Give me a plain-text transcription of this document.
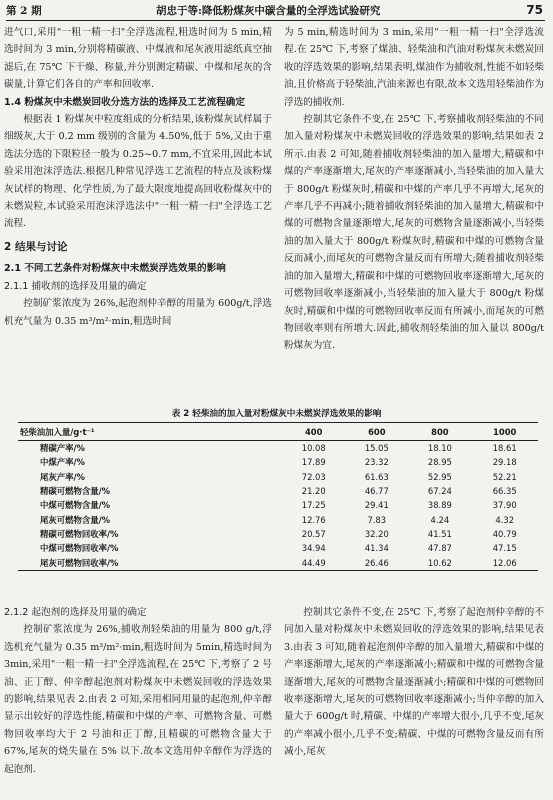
第 2 期	胡忠于等:降低粉煤灰中碳含量的全浮选试验研究	75

进气口,采用"一粗一精一扫"全浮选流程,粗选时间为 5 min,精选时间为 3 min,分别将精碳液、中煤液和尾灰液用滤纸真空抽滤后,在 75℃ 下干燥、称量,并分别测定精碳、中煤和尾灰的含碳量,计算它们各自的产率和回收率.

1.4 粉煤灰中未燃炭回收分选方法的选择及工艺流程确定

根据表 1 粉煤灰中粒度组成的分析结果,该粉煤灰试样属于细级灰,大于 0.2 mm 级别的含量为 4.50%,低于 5%,又由于重选法分选的下限粒径一般为 0.25~0.7 mm,不宜采用,因此本试验采用泡沫浮选法.根据几种常见浮选工艺流程的特点及该粉煤灰试样的物理、化学性质,为了最大限度地提高回收粉煤灰中的未燃炭粒,本试验采用泡沫浮选法中"一粗一精一扫"全浮选工艺流程.

2 结果与讨论

2.1 不同工艺条件对粉煤灰中未燃炭浮选效果的影响

2.1.1 捕收剂的选择及用量的确定

控制矿浆浓度为 26%,起泡剂仲辛醇的用量为 600g/t,浮选机充气量为 0.35 m³/m²·min,粗选时间

为 5 min,精选时间为 3 min,采用"一粗一精一扫"全浮选流程.在 25℃ 下,考察了煤油、轻柴油和汽油对粉煤灰未燃炭回收的浮选效果的影响,结果表明,煤油作为捕收剂,性能不如轻柴油,且价格高于轻柴油,汽油来源也有限,故本文选用轻柴油作为浮选的捕收剂.

控制其它条件不变,在 25℃ 下,考察捕收剂轻柴油的不同加入量对粉煤灰中未燃炭回收的浮选效果的影响,结果如表 2 所示.由表 2 可知,随着捕收剂轻柴油的加入量增大,精碳和中煤的产率逐渐增大,尾灰的产率逐渐减小,当轻柴油的加入量大于 800g/t 粉煤灰时,精碳和中煤的产率几乎不再增大,尾灰的产率几乎不再减小;随着捕收剂轻柴油的加入量增大,精碳和中煤的可燃物含量逐渐增大,尾灰的可燃物含量逐渐减小,当轻柴油的加入量大于 800g/t 粉煤灰时,精碳和中煤的可燃物含量反而减小,而尾灰的可燃物含量反而有所增大;随着捕收剂轻柴油的加入量增大,精碳和中煤的可燃物回收率逐渐增大,尾灰的可燃物回收率逐渐减小,当轻柴油的加入量大于 800g/t 粉煤灰时,精碳和中煤的可燃物回收率反而有所减小,而尾灰的可燃物回收率则有所增大.因此,捕收剂轻柴油的加入量以 800g/t 粉煤灰为宜.

表 2 轻柴油的加入量对粉煤灰中未燃炭浮选效果的影响
轻柴油加入量/g·t⁻¹	400	600	800	1000
精碳产率/%	10.08	15.05	18.10	18.61
中煤产率/%	17.89	23.32	28.95	29.18
尾灰产率/%	72.03	61.63	52.95	52.21
精碳可燃物含量/%	21.20	46.77	67.24	66.35
中煤可燃物含量/%	17.25	29.41	38.89	37.90
尾灰可燃物含量/%	12.76	7.83	4.24	4.32
精碳可燃物回收率/%	20.57	32.20	41.51	40.79
中煤可燃物回收率/%	34.94	41.34	47.87	47.15
尾灰可燃物回收率/%	44.49	26.46	10.62	12.06

2.1.2 起泡剂的选择及用量的确定

控制矿浆浓度为 26%,捕收剂轻柴油的用量为 800 g/t,浮选机充气量为 0.35 m³/m²·min,粗选时间为 5min,精选时间为 3min,采用"一粗一精一扫"全浮选流程,在 25℃ 下,考察了 2 号油、正丁醇、仲辛醇起泡剂对粉煤灰中未燃炭回收的浮选效果的影响,结果见表 2.由表 2 可知,采用相同用量的起泡剂,仲辛醇显示出较好的浮选性能,精碳和中煤的产率、可燃物含量、可燃物回收率均大于 2 号油和正丁醇,且精碳的可燃物含量大于 67%,尾灰的烧失量在 5% 以下.故本文选用仲辛醇作为浮选的起泡剂.

控制其它条件不变,在 25℃ 下,考察了起泡剂仲辛醇的不同加入量对粉煤灰中未燃炭回收的浮选效果的影响,结果见表 3.由表 3 可知,随着起泡剂仲辛醇的加入量增大,精碳和中煤的产率逐渐增大,尾灰的产率逐渐减小;精碳和中煤的可燃物含量逐渐增大,尾灰的可燃物含量逐渐减小;精碳和中煤的可燃物回收率逐渐增大,尾灰的可燃物回收率逐渐减小;当仲辛醇的加入量大于 600g/t 时,精碳、中煤的产率增大很小,几乎不变,尾灰的产率减小很小,几乎不变;精碳、中煤的可燃物含量反而有所减小,尾灰
